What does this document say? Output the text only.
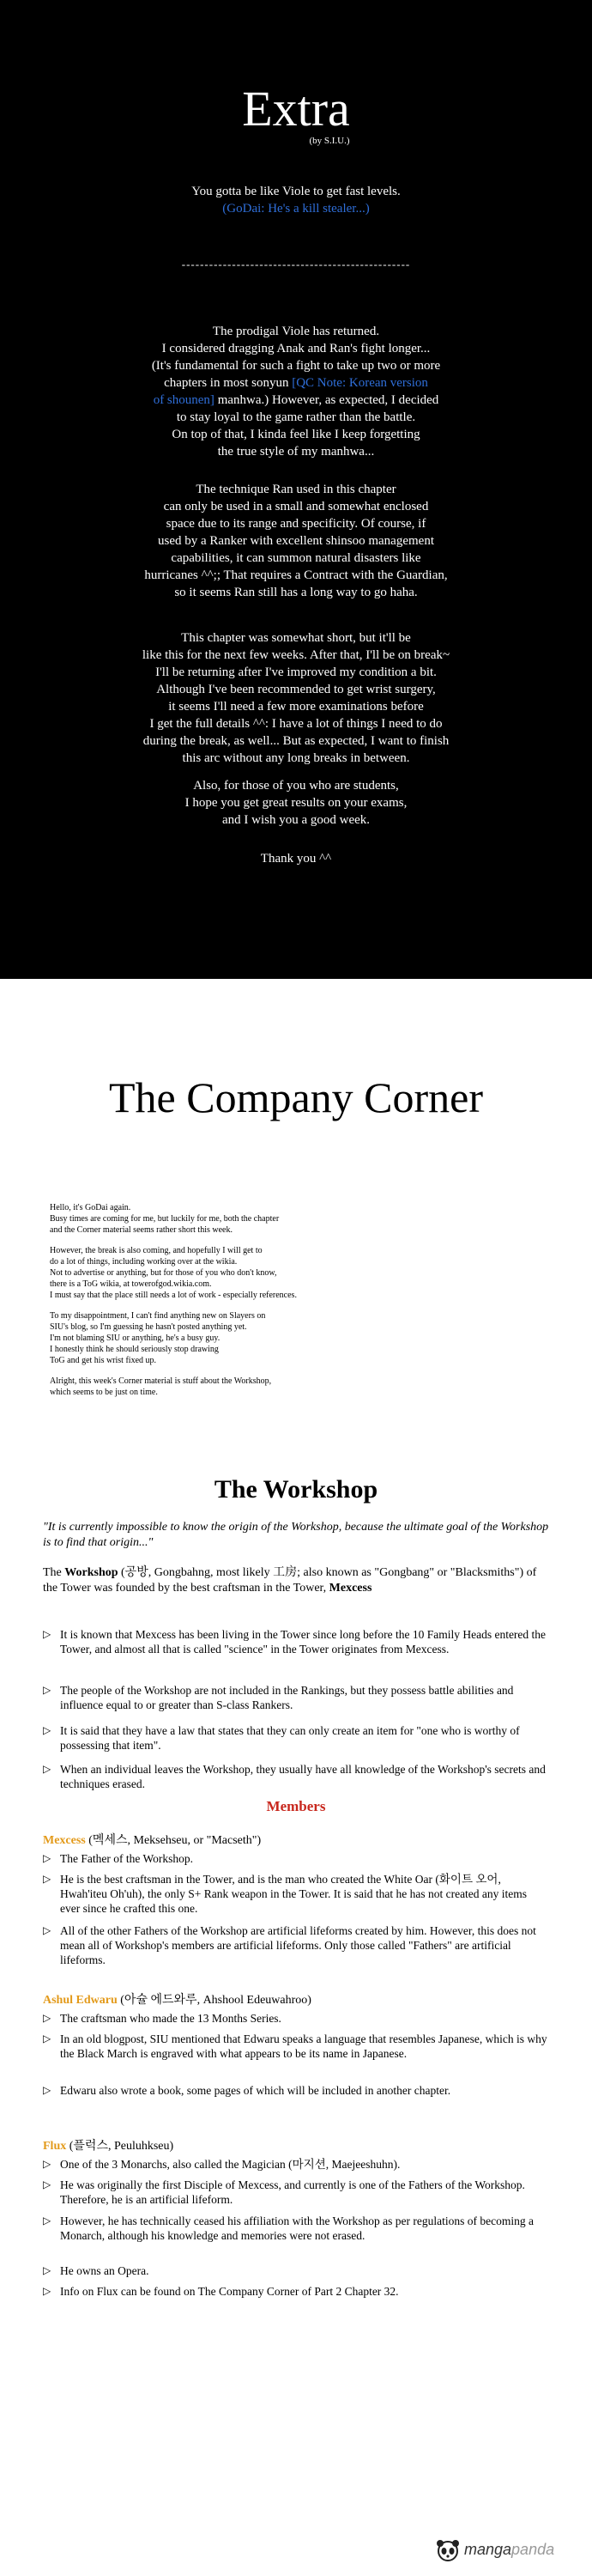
Extra
(by S.I.U.)
You gotta be like Viole to get fast levels.
(GoDai: He's a kill stealer...)
--------------------------------------------------
The prodigal Viole has returned.
I considered dragging Anak and Ran's fight longer...
(It's fundamental for such a fight to take up two or more
chapters in most sonyun [QC Note: Korean version
of shounen] manhwa.) However, as expected, I decided
to stay loyal to the game rather than the battle.
On top of that, I kinda feel like I keep forgetting
the true style of my manhwa...
The technique Ran used in this chapter
can only be used in a small and somewhat enclosed
space due to its range and specificity. Of course, if
used by a Ranker with excellent shinsoo management
capabilities, it can summon natural disasters like
hurricanes ^^;; That requires a Contract with the Guardian,
so it seems Ran still has a long way to go haha.
This chapter was somewhat short, but it'll be
like this for the next few weeks. After that, I'll be on break~
I'll be returning after I've improved my condition a bit.
Although I've been recommended to get wrist surgery,
it seems I'll need a few more examinations before
I get the full details ^^: I have a lot of things I need to do
during the break, as well... But as expected, I want to finish
this arc without any long breaks in between.
Also, for those of you who are students,
I hope you get great results on your exams,
and I wish you a good week.
Thank you ^^
The Company Corner
Hello, it's GoDai again.
Busy times are coming for me, but luckily for me, both the chapter
and the Corner material seems rather short this week.
However, the break is also coming, and hopefully I will get to
do a lot of things, including working over at the wikia.
Not to advertise or anything, but for those of you who don't know,
there is a ToG wikia, at towerofgod.wikia.com.
I must say that the place still needs a lot of work - especially references.
To my disappointment, I can't find anything new on Slayers on
SIU's blog, so I'm guessing he hasn't posted anything yet.
I'm not blaming SIU or anything, he's a busy guy.
I honestly think he should seriously stop drawing
ToG and get his wrist fixed up.
Alright, this week's Corner material is stuff about the Workshop,
which seems to be just on time.
The Workshop
"It is currently impossible to know the origin of the Workshop, because the ultimate goal of the Workshop is to find that origin..."
The Workshop (공방, Gongbahng, most likely 工房; also known as "Gongbang" or "Blacksmiths") of the Tower was founded by the best craftsman in the Tower, Mexcess
▷ It is known that Mexcess has been living in the Tower since long before the 10 Family Heads entered the Tower, and almost all that is called "science" in the Tower originates from Mexcess.
▷ The people of the Workshop are not included in the Rankings, but they possess battle abilities and influence equal to or greater than S-class Rankers.
▷ It is said that they have a law that states that they can only create an item for "one who is worthy of possessing that item".
▷ When an individual leaves the Workshop, they usually have all knowledge of the Workshop's secrets and techniques erased.
Members
Mexcess (멕세스, Meksehseu, or "Macseth")
▷ The Father of the Workshop.
▷ He is the best craftsman in the Tower, and is the man who created the White Oar (화이트 오어, Hwah'iteu Oh'uh), the only S+ Rank weapon in the Tower. It is said that he has not created any items ever since he crafted this one.
▷ All of the other Fathers of the Workshop are artificial lifeforms created by him. However, this does not mean all of Workshop's members are artificial lifeforms. Only those called "Fathers" are artificial lifeforms.
Ashul Edwaru (아슐 에드와루, Ahshool Edeuwahroo)
▷ The craftsman who made the 13 Months Series.
▷ In an old blogpost, SIU mentioned that Edwaru speaks a language that resembles Japanese, which is why the Black March is engraved with what appears to be its name in Japanese.
▷ Edwaru also wrote a book, some pages of which will be included in another chapter.
Flux (플럭스, Peuluhkseu)
▷ One of the 3 Monarchs, also called the Magician (마지션, Maejeeshuhn).
▷ He was originally the first Disciple of Mexcess, and currently is one of the Fathers of the Workshop. Therefore, he is an artificial lifeform.
▷ However, he has technically ceased his affiliation with the Workshop as per regulations of becoming a Monarch, although his knowledge and memories were not erased.
▷ He owns an Opera.
▷ Info on Flux can be found on The Company Corner of Part 2 Chapter 32.
mangapanda
